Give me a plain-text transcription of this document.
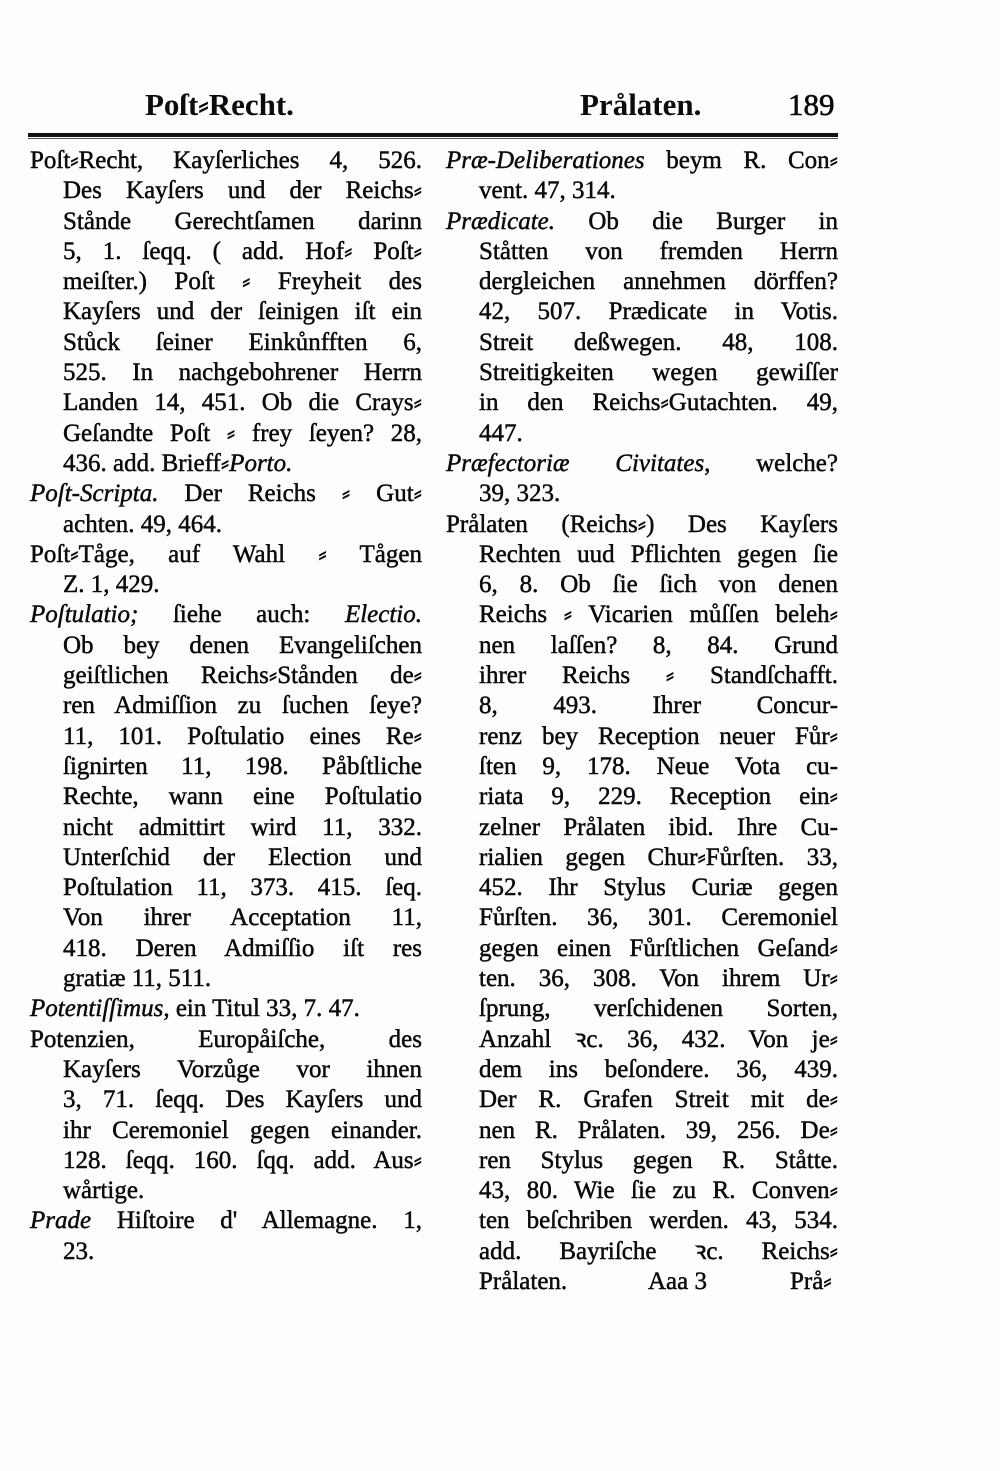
Poſt⸗Recht.	Prålaten.	189
Poſt⸗Recht, Kayſerliches 4, 526.
Des Kayſers und der Reichs⸗
Stånde Gerechtſamen darinn
5, 1. ſeqq. ( add. Hof⸗ Poſt⸗
meiſter.) Poſt ⸗ Freyheit des
Kayſers und der ſeinigen iſt ein
Stůck ſeiner Einkůnfften 6,
525. In nachgebohrener Herrn
Landen 14, 451. Ob die Crays⸗
Geſandte Poſt ⸗ frey ſeyen? 28,
436. add. Brieff⸗Porto.
Poſt-Scripta. Der Reichs ⸗ Gut⸗
achten. 49, 464.
Poſt⸗Tåge, auf Wahl ⸗ Tågen
Z. 1, 429.
Poſtulatio; ſiehe auch: Electio.
Ob bey denen Evangeliſchen
geiſtlichen Reichs⸗Stånden de⸗
ren Admiſſion zu ſuchen ſeye?
11, 101. Poſtulatio eines Re⸗
ſignirten 11, 198. Påbſtliche
Rechte, wann eine Poſtulatio
nicht admittirt wird 11, 332.
Unterſchid der Election und
Poſtulation 11, 373. 415. ſeq.
Von ihrer Acceptation 11,
418. Deren Admiſſio iſt res
gratiæ 11, 511.
Potentiſſimus, ein Titul 33, 7. 47.
Potenzien, Europåiſche, des
Kayſers Vorzůge vor ihnen
3, 71. ſeqq. Des Kayſers und
ihr Ceremoniel gegen einander.
128. ſeqq. 160. ſqq. add. Aus⸗
wårtige.
Prade Hiſtoire d' Allemagne. 1,
23.
Præ-Deliberationes beym R. Con⸗
vent. 47, 314.
Prædicate. Ob die Burger in
Ståtten von fremden Herrn
dergleichen annehmen dörffen?
42, 507. Prædicate in Votis.
Streit deßwegen. 48, 108.
Streitigkeiten wegen gewiſſer
in den Reichs⸗Gutachten. 49,
447.
Præfectoriæ Civitates, welche?
39, 323.
Prålaten (Reichs⸗) Des Kayſers
Rechten uud Pflichten gegen ſie
6, 8. Ob ſie ſich von denen
Reichs ⸗ Vicarien můſſen beleh⸗
nen laſſen? 8, 84. Grund
ihrer Reichs ⸗ Standſchafft.
8, 493. Ihrer Concur-
renz bey Reception neuer Fůr⸗
ſten 9, 178. Neue Vota cu-
riata 9, 229. Reception ein⸗
zelner Prålaten ibid. Ihre Cu-
rialien gegen Chur⸗Fůrſten. 33,
452. Ihr Stylus Curiæ gegen
Fůrſten. 36, 301. Ceremoniel
gegen einen Fůrſtlichen Geſand⸗
ten. 36, 308. Von ihrem Ur⸗
ſprung, verſchidenen Sorten,
Anzahl ꝛc. 36, 432. Von je⸗
dem ins beſondere. 36, 439.
Der R. Grafen Streit mit de⸗
nen R. Prålaten. 39, 256. De⸗
ren Stylus gegen R. Ståtte.
43, 80. Wie ſie zu R. Conven⸗
ten beſchriben werden. 43, 534.
add. Bayriſche ꝛc. Reichs⸗
Prålaten.	Aaa 3	Prå⸗
